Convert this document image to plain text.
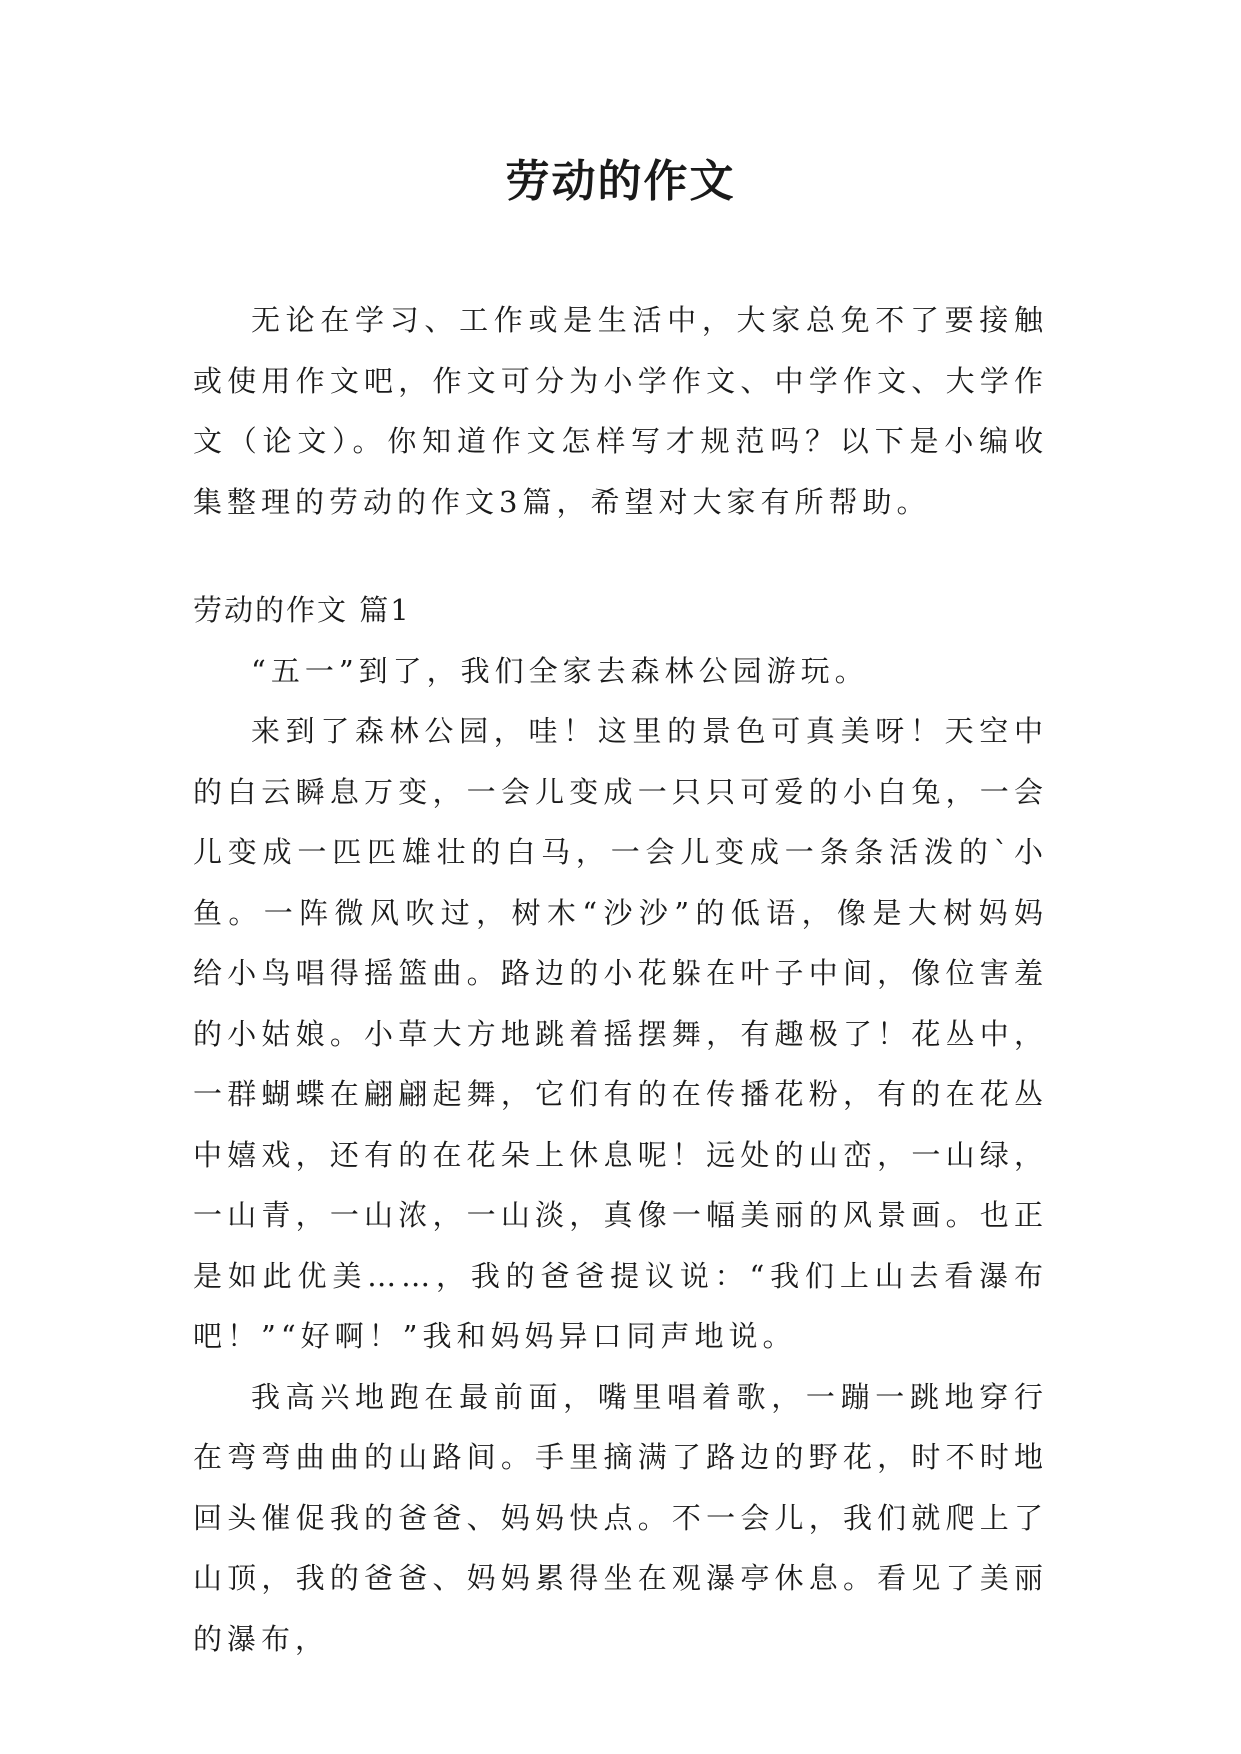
劳动的作文

无论在学习、工作或是生活中，大家总免不了要接触或使用作文吧，作文可分为小学作文、中学作文、大学作文（论文）。你知道作文怎样写才规范吗？以下是小编收集整理的劳动的作文3篇，希望对大家有所帮助。

劳动的作文 篇1

“五一”到了，我们全家去森林公园游玩。

来到了森林公园，哇！这里的景色可真美呀！天空中的白云瞬息万变，一会儿变成一只只可爱的小白兔，一会儿变成一匹匹雄壮的白马，一会儿变成一条条活泼的`小鱼。一阵微风吹过，树木“沙沙”的低语，像是大树妈妈给小鸟唱得摇篮曲。路边的小花躲在叶子中间，像位害羞的小姑娘。小草大方地跳着摇摆舞，有趣极了！花丛中，一群蝴蝶在翩翩起舞，它们有的在传播花粉，有的在花丛中嬉戏，还有的在花朵上休息呢！远处的山峦，一山绿，一山青，一山浓，一山淡，真像一幅美丽的风景画。也正是如此优美……，我的爸爸提议说：“我们上山去看瀑布吧！”“好啊！”我和妈妈异口同声地说。

我高兴地跑在最前面，嘴里唱着歌，一蹦一跳地穿行在弯弯曲曲的山路间。手里摘满了路边的野花，时不时地回头催促我的爸爸、妈妈快点。不一会儿，我们就爬上了山顶，我的爸爸、妈妈累得坐在观瀑亭休息。看见了美丽的瀑布，
